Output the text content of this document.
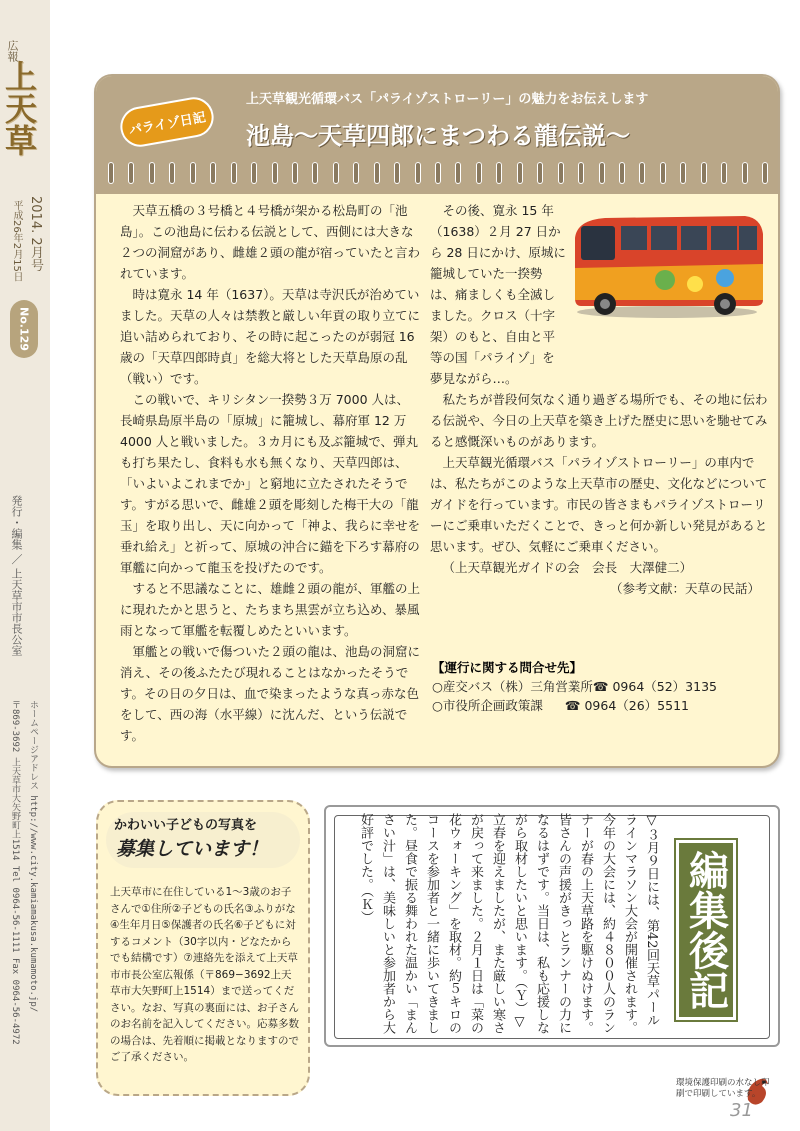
広報
上天草
2014. 2月号
平成26年2月15日
No.129
発行・編集 ／ 上天草市市長公室
〒869-3692 上天草市大矢野町上1514 Tel 0964-56-1111 Fax 0964-56-4972 ホームページアドレス http://www.city.kamiamakusa.kumamoto.jp/
パライゾ日記
上天草観光循環バス「パライゾストローリー」の魅力をお伝えします
池島〜天草四郎にまつわる龍伝説〜

天草五橋の３号橋と４号橋が架かる松島町の「池島」。この池島に伝わる伝説として、西側には大きな２つの洞窟があり、雌雄２頭の龍が宿っていたと言われています。

時は寛永 14 年（1637）。天草は寺沢氏が治めていました。天草の人々は禁教と厳しい年貢の取り立てに追い詰められており、その時に起こったのが弱冠 16 歳の「天草四郎時貞」を総大将とした天草島原の乱（戦い）です。

この戦いで、キリシタン一揆勢３万 7000 人は、長崎県島原半島の「原城」に籠城し、幕府軍 12 万 4000 人と戦いました。３カ月にも及ぶ籠城で、弾丸も打ち果たし、食料も水も無くなり、天草四郎は、「いよいよこれまでか」と窮地に立たされたそうです。すがる思いで、雌雄２頭を彫刻した梅干大の「龍玉」を取り出し、天に向かって「神よ、我らに幸せを垂れ給え」と祈って、原城の沖合に錨を下ろす幕府の軍艦に向かって龍玉を投げたのです。

すると不思議なことに、雄雌２頭の龍が、軍艦の上に現れたかと思うと、たちまち黒雲が立ち込め、暴風雨となって軍艦を転覆しめたといいます。

軍艦との戦いで傷ついた２頭の龍は、池島の洞窟に消え、その後ふたたび現れることはなかったそうです。その日の夕日は、血で染まったような真っ赤な色をして、西の海（水平線）に沈んだ、という伝説です。

その後、寛永 15 年（1638）２月 27 日から 28 日にかけ、原城に籠城していた一揆勢は、痛ましくも全滅しました。クロス（十字架）のもと、自由と平等の国「パライゾ」を夢見ながら…。

私たちが普段何気なく通り過ぎる場所でも、その地に伝わる伝説や、今日の上天草を築き上げた歴史に思いを馳せてみると感慨深いものがあります。

上天草観光循環バス「パライゾストローリー」の車内では、私たちがこのような上天草市の歴史、文化などについてガイドを行っています。市民の皆さまもパライゾストローリーにご乗車いただくことで、きっと何か新しい発見があると思います。ぜひ、気軽にご乗車ください。

（上天草観光ガイドの会　会長　大澤健二）

（参考文献：天草の民話）

【運行に関する問合せ先】
○産交バス（株）三角営業所 ☎ 0964（52）3135
○市役所企画政策課 ☎ 0964（26）5511
かわいい子どもの写真を
募集しています！
上天草市に在住している1〜3歳のお子さんで①住所②子どもの氏名③ふりがな④生年月日⑤保護者の氏名⑥子どもに対するコメント（30字以内・どなたからでも結構です）⑦連絡先を添えて上天草市市長公室広報係（〒869−3692上天草市大矢野町上1514）まで送ってください。なお、写真の裏面には、お子さんのお名前を記入してください。応募多数の場合は、先着順に掲載となりますのでご了承ください。
▽３月９日には、第42回天草パールラインマラソン大会が開催されます。今年の大会には、約４８００人のランナーが春の上天草路を駆けぬけます。皆さんの声援がきっとランナーの力になるはずです。当日は、私も応援しながら取材したいと思います。（Ｙ）▽立春を迎えましたが、また厳しい寒さが戻って来ました。２月１日は「菜の花ウォーキング」を取材。約５キロのコースを参加者と一緒に歩いてきました。昼食で振る舞われた温かい「まんさい汁」は、美味しいと参加者から大好評でした。（Ｋ）	編集後記
環境保護印刷の水なし印刷で印刷しています。
31
